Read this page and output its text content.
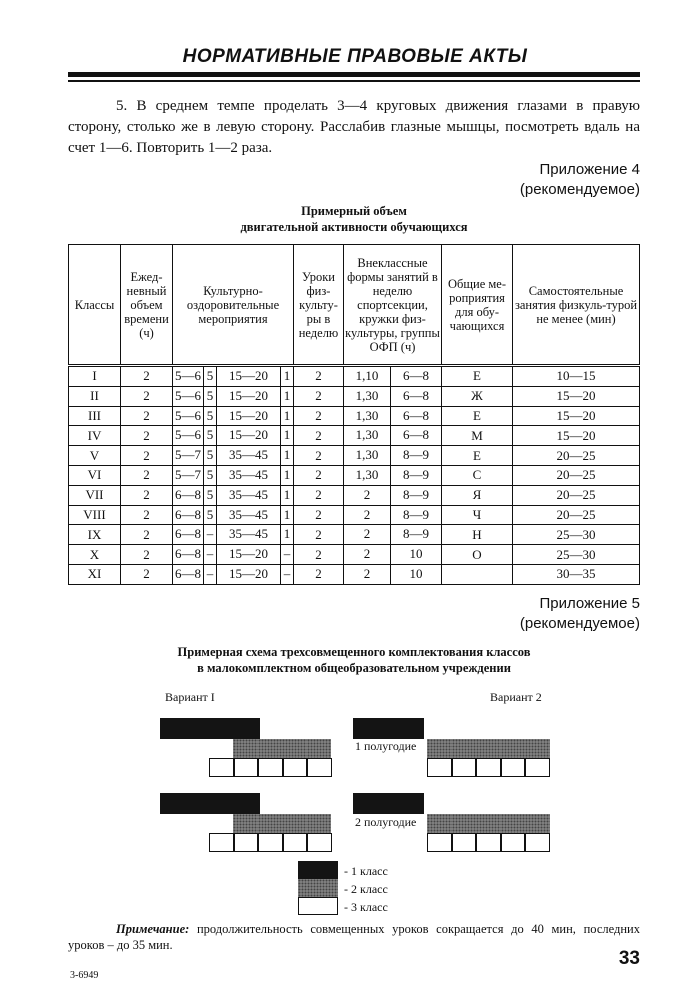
НОРМАТИВНЫЕ ПРАВОВЫЕ АКТЫ
5. В среднем темпе проделать 3—4 круговых движения глазами в правую сторону, столько же в левую сторону. Расслабив глазные мышцы, посмотреть вдаль на счет 1—6. Повторить 1—2 раза.
Приложение 4
(рекомендуемое)
Примерный объем
двигательной активности обучающихся
Классы	Ежед-невный объем времени (ч)	Культурно-оздоровительные мероприятия	Уроки физ-культу-ры в неделю	Внеклассные формы занятий в неделю спортсекции, кружки физ-культуры, группы ОФП (ч)	Общие ме-роприятия для обу-чающихся	Самостоятельные занятия физкуль-турой не менее (мин)
I	2	5—6 5 15—20 1	2	1,10 6—8	Е	10—15
II	2	5—6 5 15—20 1	2	1,30 6—8	Ж	15—20
III	2	5—6 5 15—20 1	2	1,30 6—8	Е	15—20
IV	2	5—6 5 15—20 1	2	1,30 6—8	М	15—20
V	2	5—7 5 35—45 1	2	1,30 8—9	Е	20—25
VI	2	5—7 5 35—45 1	2	1,30 8—9	С	20—25
VII	2	6—8 5 35—45 1	2	2 8—9	Я	20—25
VIII	2	6—8 5 35—45 1	2	2 8—9	Ч	20—25
IX	2	6—8 – 35—45 1	2	2 8—9	Н	25—30
X	2	6—8 – 15—20 –	2	2 10	О	25—30
XI	2	6—8 – 15—20 –	2	2 10		30—35
Приложение 5
(рекомендуемое)
Примерная схема трехсовмещенного комплектования классов
в малокомплектном общеобразовательном учреждении
Вариант I	Вариант 2
1 полугодие
2 полугодие
- 1 класс
- 2 класс
- 3 класс
Примечание: продолжительность совмещенных уроков сокращается до 40 мин, последних уроков – до 35 мин.
33
3-6949
